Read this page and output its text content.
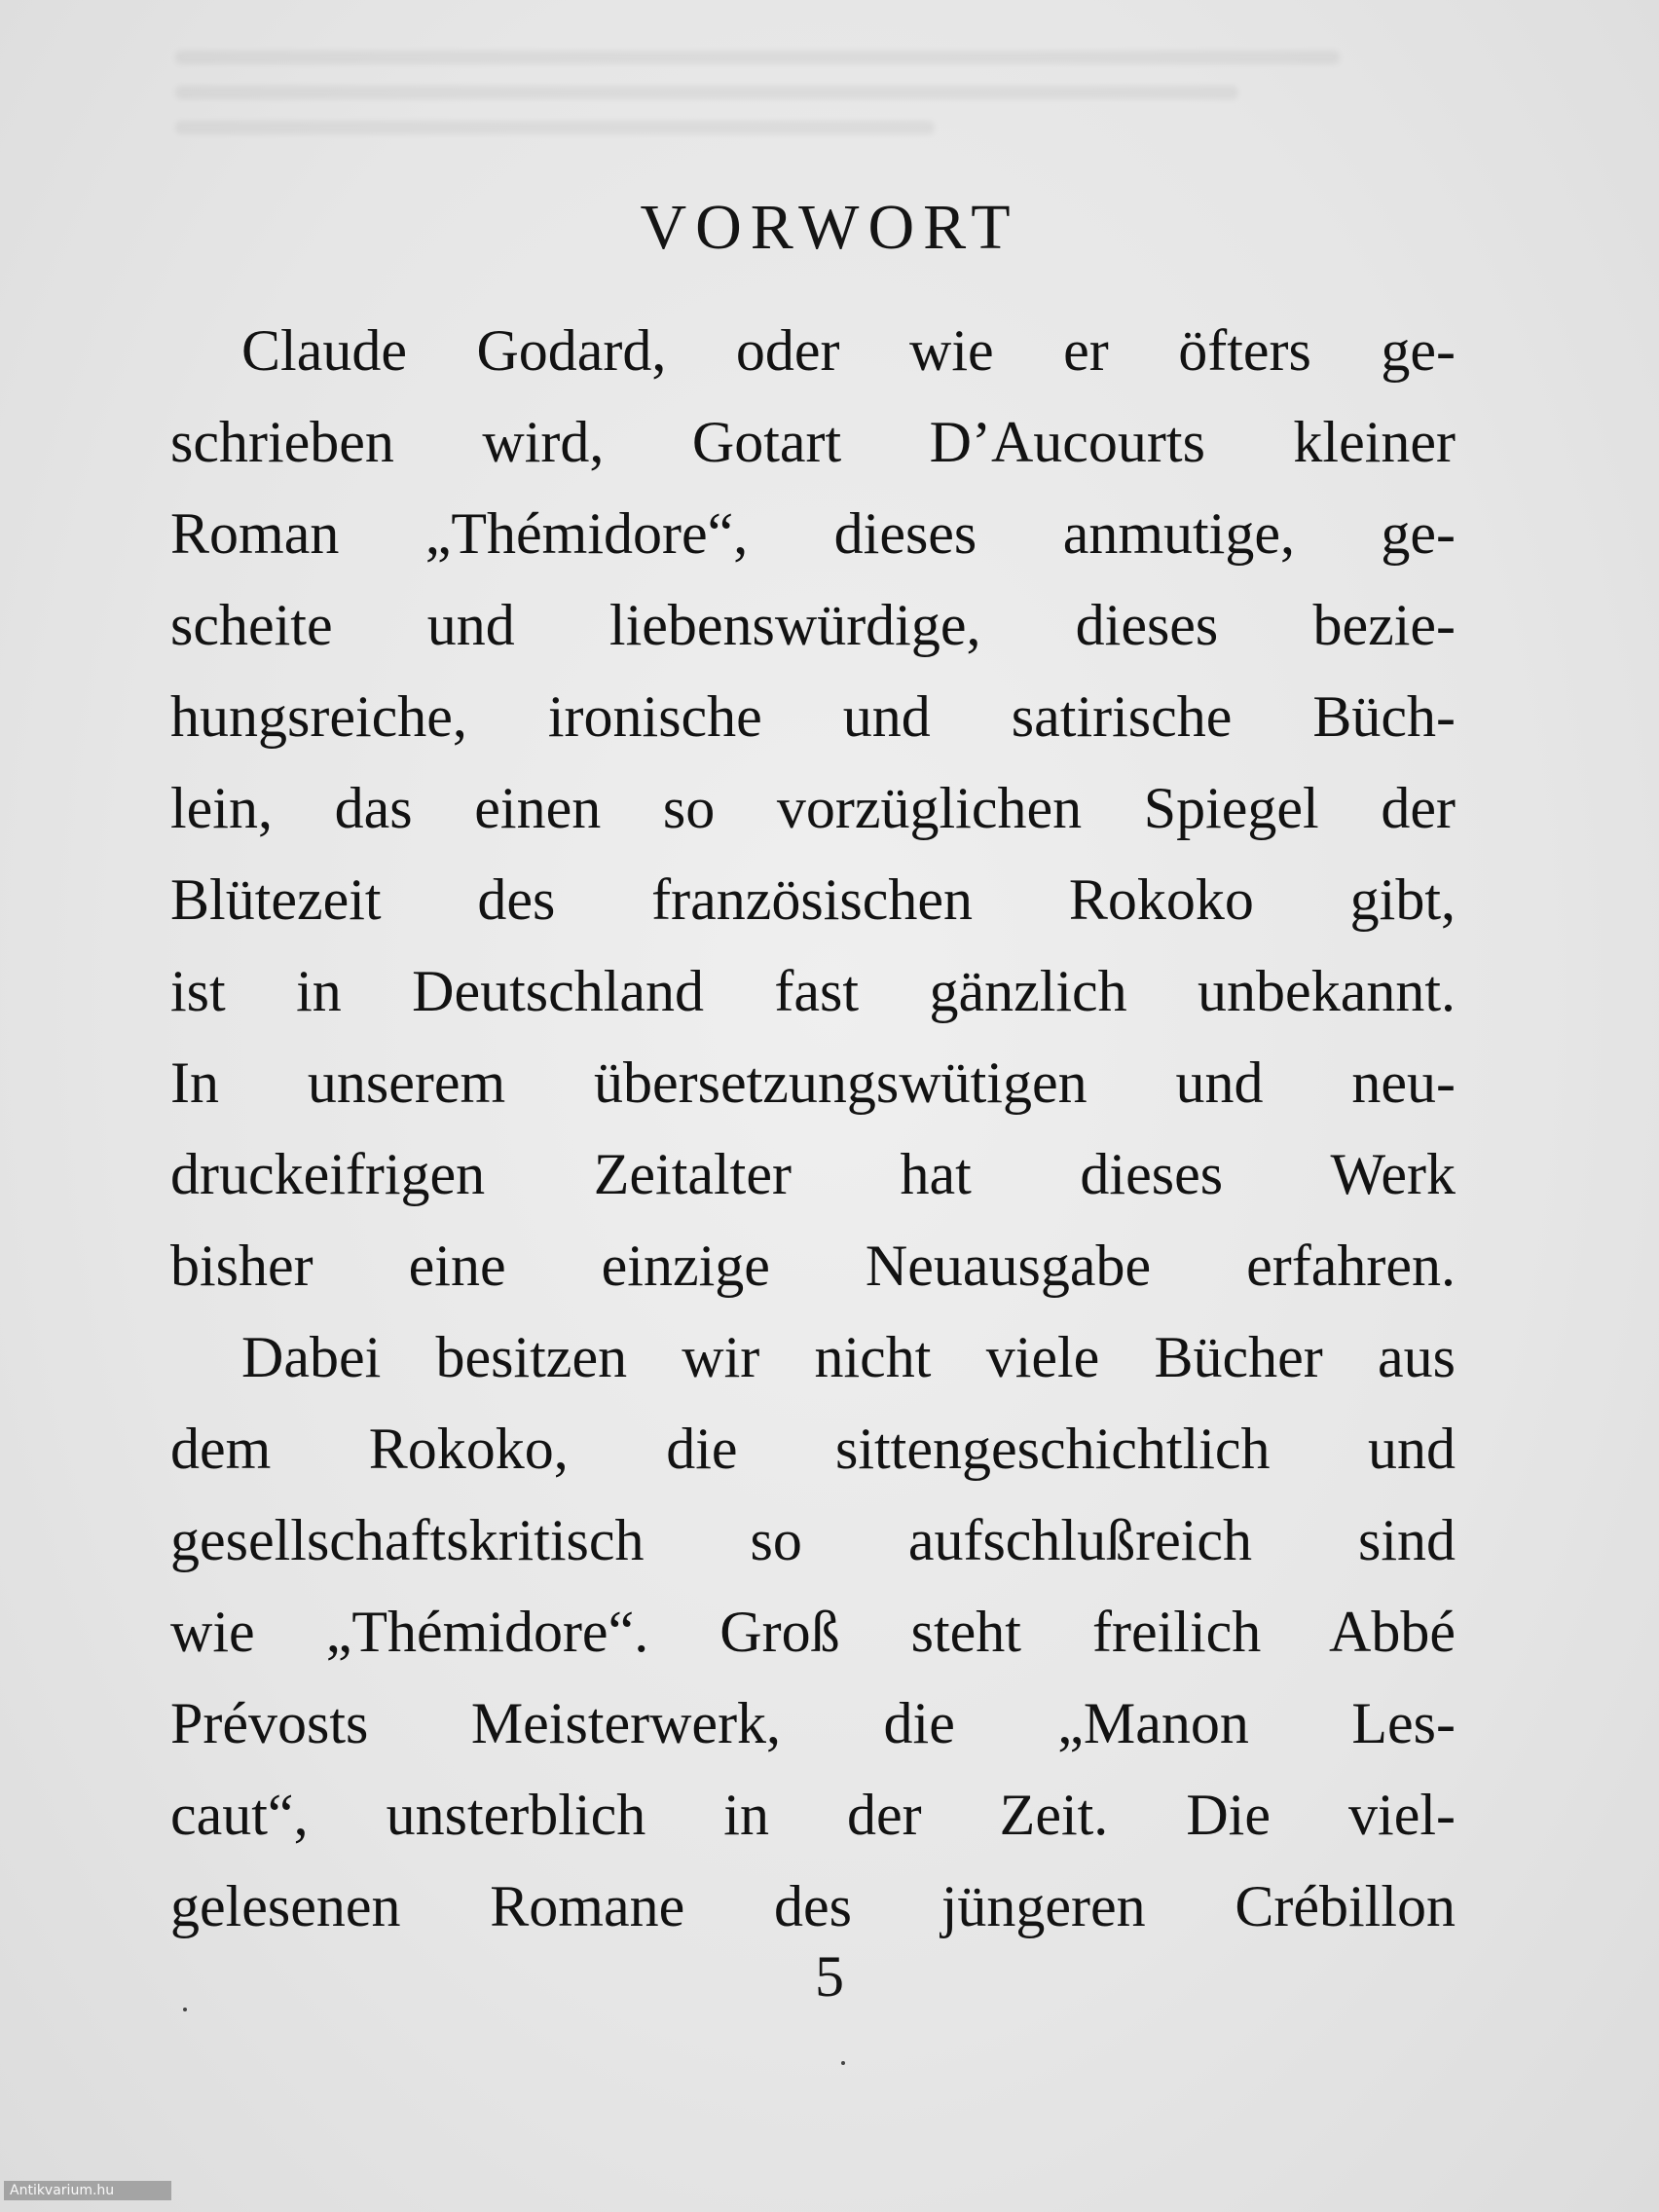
VORWORT
Claude Godard, oder wie er öfters ge-
schrieben wird, Gotart D’Aucourts kleiner
Roman „Thémidore“, dieses anmutige, ge-
scheite und liebenswürdige, dieses bezie-
hungsreiche, ironische und satirische Büch-
lein, das einen so vorzüglichen Spiegel der
Blütezeit des französischen Rokoko gibt,
ist in Deutschland fast gänzlich unbekannt.
In unserem übersetzungswütigen und neu-
druckeifrigen Zeitalter hat dieses Werk
bisher eine einzige Neuausgabe erfahren.
Dabei besitzen wir nicht viele Bücher aus
dem Rokoko, die sittengeschichtlich und
gesellschaftskritisch so aufschlußreich sind
wie „Thémidore“. Groß steht freilich Abbé
Prévosts Meisterwerk, die „Manon Les-
caut“, unsterblich in der Zeit. Die viel-
gelesenen Romane des jüngeren Crébillon
5
Antikvarium.hu
